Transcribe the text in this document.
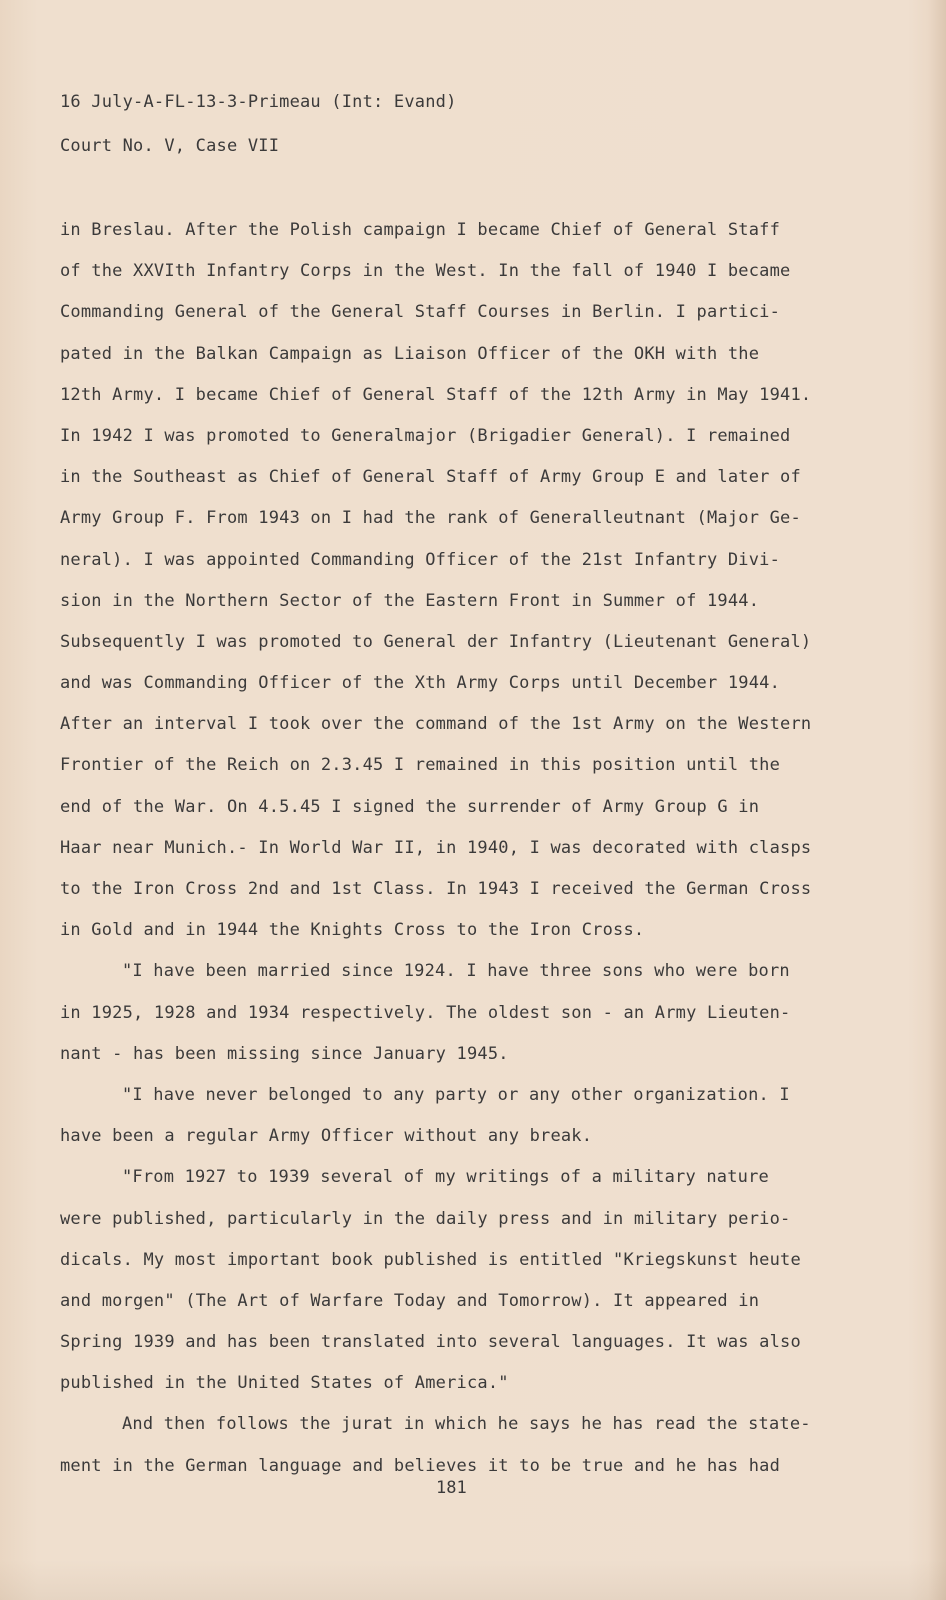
16 July-A-FL-13-3-Primeau (Int: Evand)
Court No. V, Case VII
in Breslau. After the Polish campaign I became Chief of General Staff
of the XXVIth Infantry Corps in the West. In the fall of 1940 I became
Commanding General of the General Staff Courses in Berlin. I partici-
pated in the Balkan Campaign as Liaison Officer of the OKH with the
12th Army. I became Chief of General Staff of the 12th Army in May 1941.
In 1942 I was promoted to Generalmajor (Brigadier General). I remained
in the Southeast as Chief of General Staff of Army Group E and later of
Army Group F. From 1943 on I had the rank of Generalleutnant (Major Ge-
neral). I was appointed Commanding Officer of the 21st Infantry Divi-
sion in the Northern Sector of the Eastern Front in Summer of 1944.
Subsequently I was promoted to General der Infantry (Lieutenant General)
and was Commanding Officer of the Xth Army Corps until December 1944.
After an interval I took over the command of the 1st Army on the Western
Frontier of the Reich on 2.3.45 I remained in this position until the
end of the War. On 4.5.45 I signed the surrender of Army Group G in
Haar near Munich.- In World War II, in 1940, I was decorated with clasps
to the Iron Cross 2nd and 1st Class. In 1943 I received the German Cross
in Gold and in 1944 the Knights Cross to the Iron Cross.
"I have been married since 1924. I have three sons who were born
in 1925, 1928 and 1934 respectively. The oldest son - an Army Lieuten-
nant - has been missing since January 1945.
"I have never belonged to any party or any other organization. I
have been a regular Army Officer without any break.
"From 1927 to 1939 several of my writings of a military nature
were published, particularly in the daily press and in military perio-
dicals. My most important book published is entitled "Kriegskunst heute
and morgen" (The Art of Warfare Today and Tomorrow). It appeared in
Spring 1939 and has been translated into several languages. It was also
published in the United States of America."
And then follows the jurat in which he says he has read the state-
ment in the German language and believes it to be true and he has had
181
